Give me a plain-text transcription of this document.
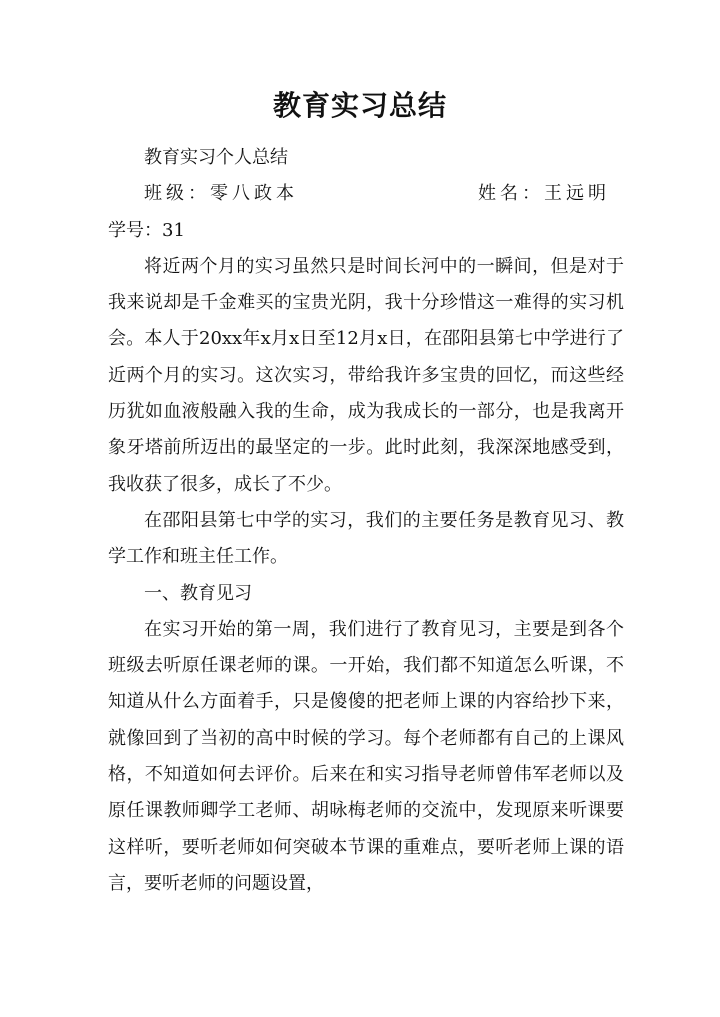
教育实习总结

教育实习个人总结

班级：零八政本	姓名：王远明

学号：31

将近两个月的实习虽然只是时间长河中的一瞬间，但是对于我来说却是千金难买的宝贵光阴，我十分珍惜这一难得的实习机会。本人于20xx年x月x日至12月x日，在邵阳县第七中学进行了近两个月的实习。这次实习，带给我许多宝贵的回忆，而这些经历犹如血液般融入我的生命，成为我成长的一部分，也是我离开象牙塔前所迈出的最坚定的一步。此时此刻，我深深地感受到，我收获了很多，成长了不少。

在邵阳县第七中学的实习，我们的主要任务是教育见习、教学工作和班主任工作。

一、教育见习

在实习开始的第一周，我们进行了教育见习，主要是到各个班级去听原任课老师的课。一开始，我们都不知道怎么听课，不知道从什么方面着手，只是傻傻的把老师上课的内容给抄下来，就像回到了当初的高中时候的学习。每个老师都有自己的上课风格，不知道如何去评价。后来在和实习指导老师曾伟军老师以及原任课教师卿学工老师、胡咏梅老师的交流中，发现原来听课要这样听，要听老师如何突破本节课的重难点，要听老师上课的语言，要听老师的问题设置，
